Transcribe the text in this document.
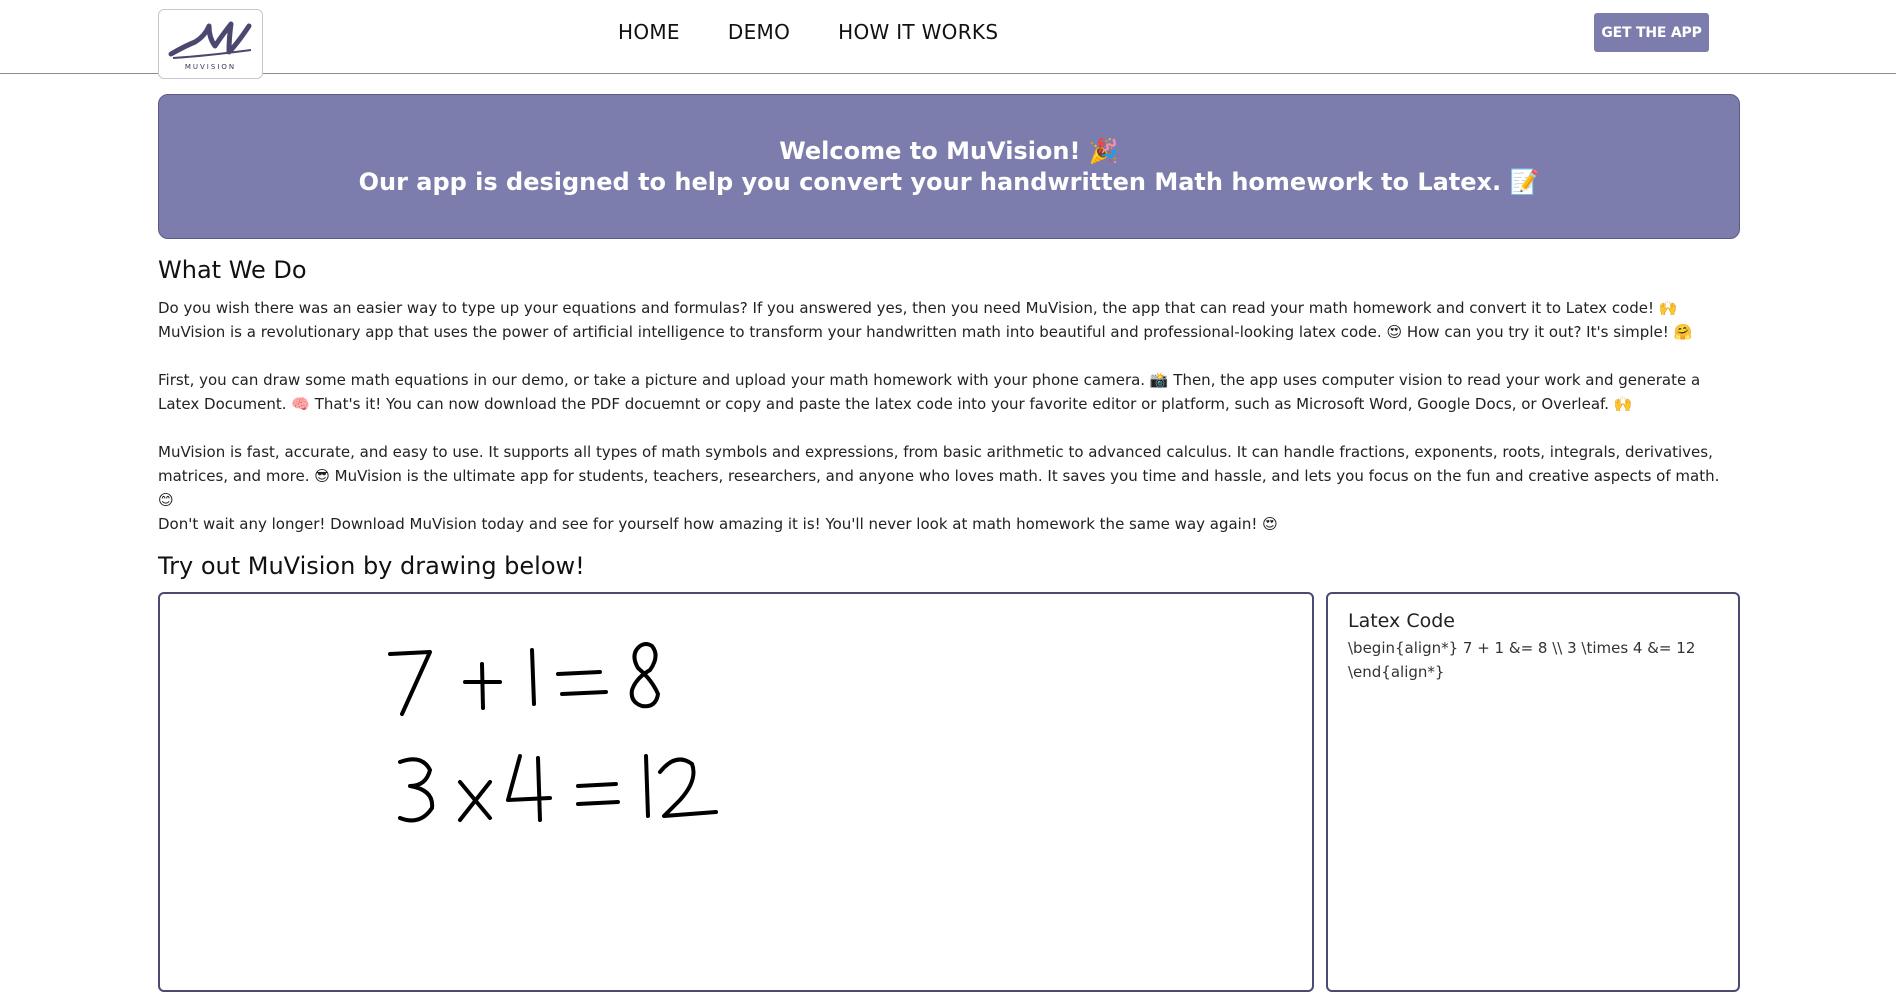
MUVISION
HOME DEMO HOW IT WORKS	GET THE APP
Welcome to MuVision! 🎉
Our app is designed to help you convert your handwritten Math homework to Latex. 📝
What We Do
Do you wish there was an easier way to type up your equations and formulas? If you answered yes, then you need MuVision, the app that can read your math homework and convert it to Latex code! 🙌 MuVision is a revolutionary app that uses the power of artificial intelligence to transform your handwritten math into beautiful and professional-looking latex code. 😍 How can you try it out? It's simple! 🤗
First, you can draw some math equations in our demo, or take a picture and upload your math homework with your phone camera. 📸 Then, the app uses computer vision to read your work and generate a Latex Document. 🧠 That's it! You can now download the PDF docuemnt or copy and paste the latex code into your favorite editor or platform, such as Microsoft Word, Google Docs, or Overleaf. 🙌
MuVision is fast, accurate, and easy to use. It supports all types of math symbols and expressions, from basic arithmetic to advanced calculus. It can handle fractions, exponents, roots, integrals, derivatives, matrices, and more. 😎 MuVision is the ultimate app for students, teachers, researchers, and anyone who loves math. It saves you time and hassle, and lets you focus on the fun and creative aspects of math. 😊
Don't wait any longer! Download MuVision today and see for yourself how amazing it is! You'll never look at math homework the same way again! 😍
Try out MuVision by drawing below!
Latex Code
\begin{align*} 7 + 1 &= 8 \\ 3 \times 4 &= 12 \end{align*}
